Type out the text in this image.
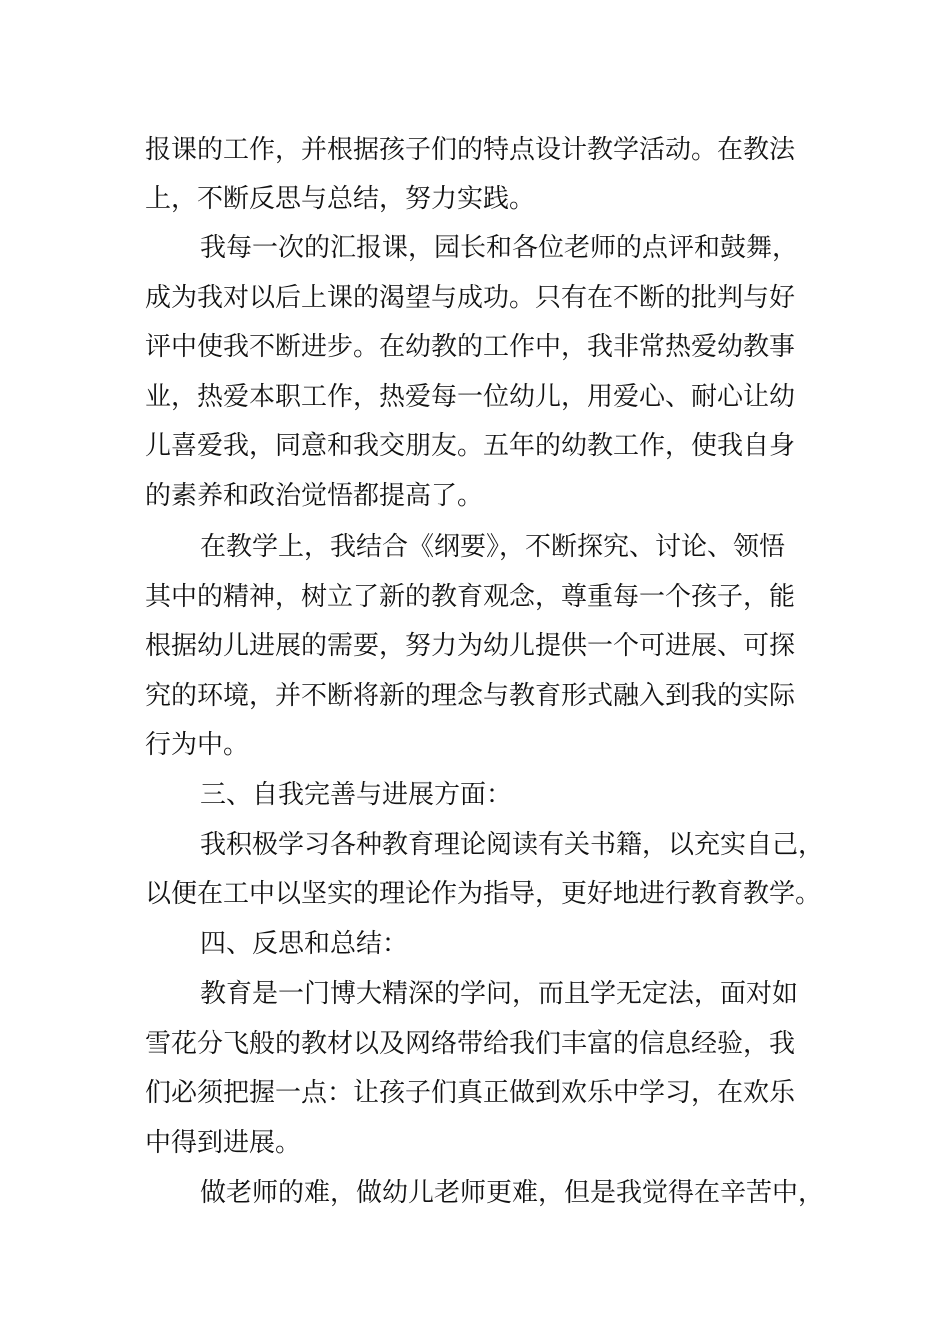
报课的工作，并根据孩子们的特点设计教学活动。在教法

上，不断反思与总结，努力实践。

我每一次的汇报课，园长和各位老师的点评和鼓舞，

成为我对以后上课的渴望与成功。只有在不断的批判与好

评中使我不断进步。在幼教的工作中，我非常热爱幼教事

业，热爱本职工作，热爱每一位幼儿，用爱心、耐心让幼

儿喜爱我，同意和我交朋友。五年的幼教工作，使我自身

的素养和政治觉悟都提高了。

在教学上，我结合《纲要》，不断探究、讨论、领悟

其中的精神，树立了新的教育观念，尊重每一个孩子，能

根据幼儿进展的需要，努力为幼儿提供一个可进展、可探

究的环境，并不断将新的理念与教育形式融入到我的实际

行为中。

三、自我完善与进展方面：

我积极学习各种教育理论阅读有关书籍，以充实自己，

以便在工中以坚实的理论作为指导，更好地进行教育教学。

四、反思和总结：

教育是一门博大精深的学问，而且学无定法，面对如

雪花分飞般的教材以及网络带给我们丰富的信息经验，我

们必须把握一点：让孩子们真正做到欢乐中学习，在欢乐

中得到进展。

做老师的难，做幼儿老师更难，但是我觉得在辛苦中，
